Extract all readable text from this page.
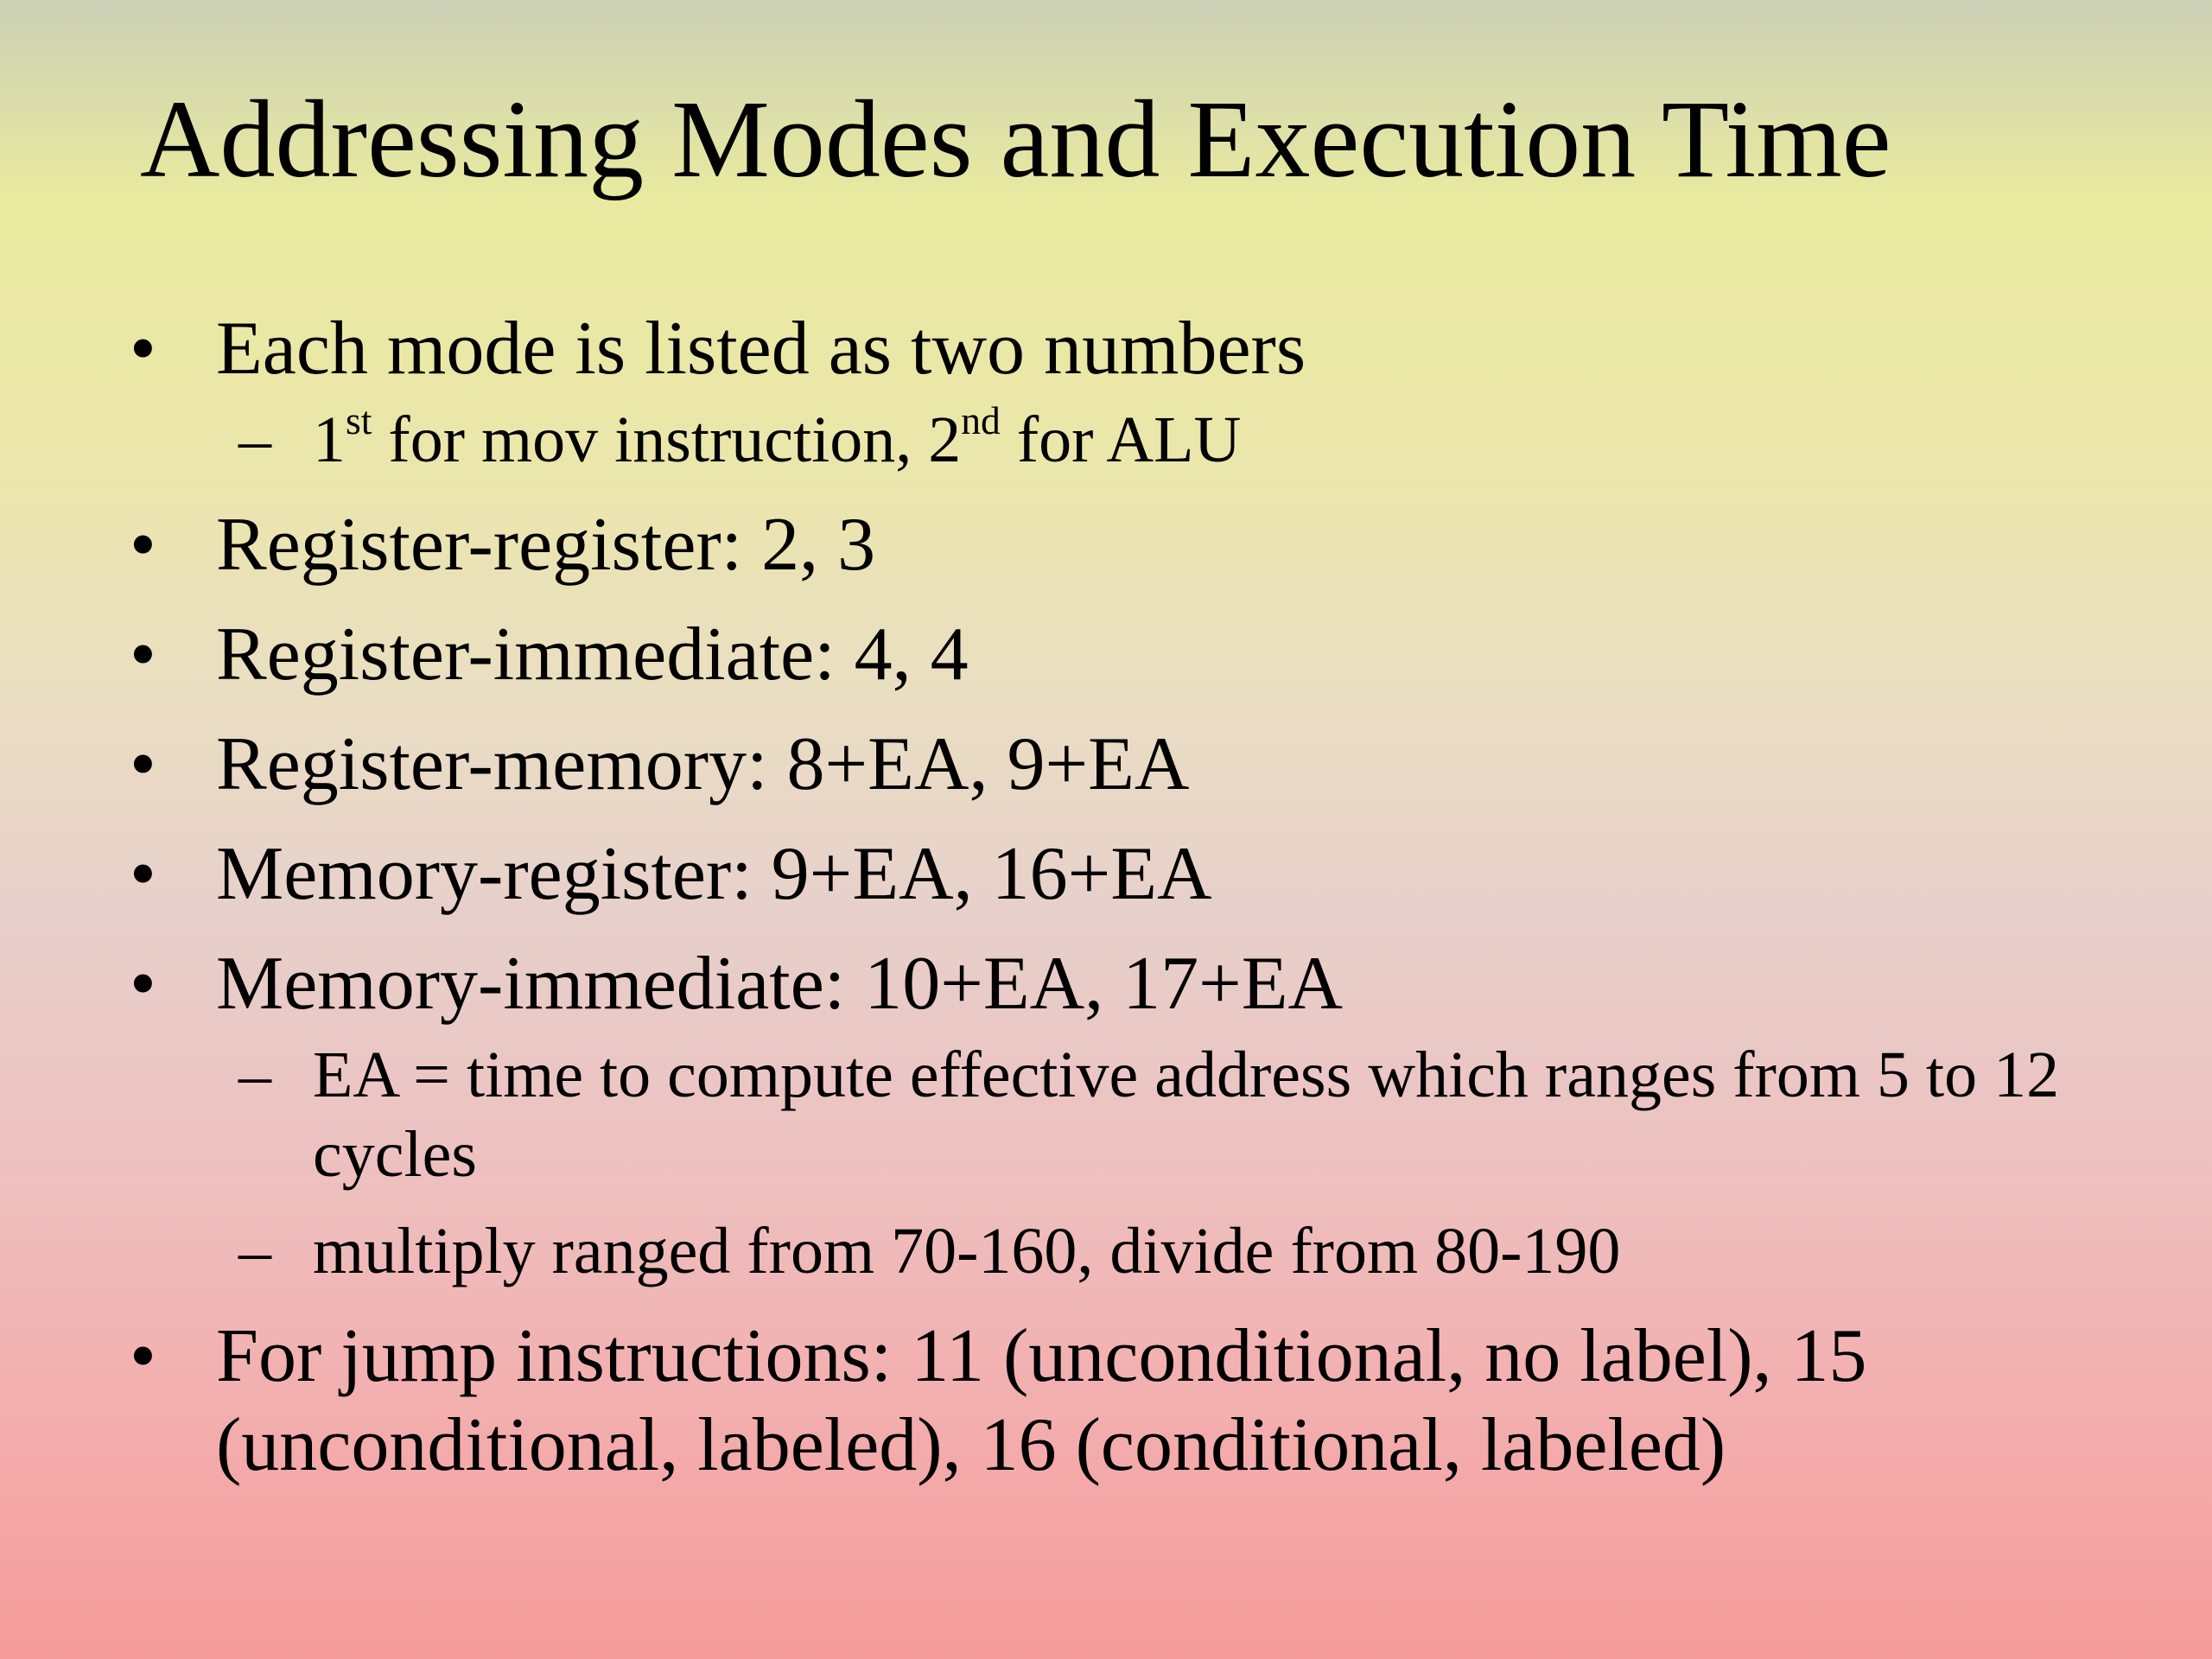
Addressing Modes and Execution Time
• Each mode is listed as two numbers
– 1st for mov instruction, 2nd for ALU
• Register-register: 2, 3
• Register-immediate: 4, 4
• Register-memory: 8+EA, 9+EA
• Memory-register: 9+EA, 16+EA
• Memory-immediate: 10+EA, 17+EA
– EA = time to compute effective address which ranges from 5 to 12 cycles
– multiply ranged from 70-160, divide from 80-190
• For jump instructions: 11 (unconditional, no label), 15 (unconditional, labeled), 16 (conditional, labeled)
